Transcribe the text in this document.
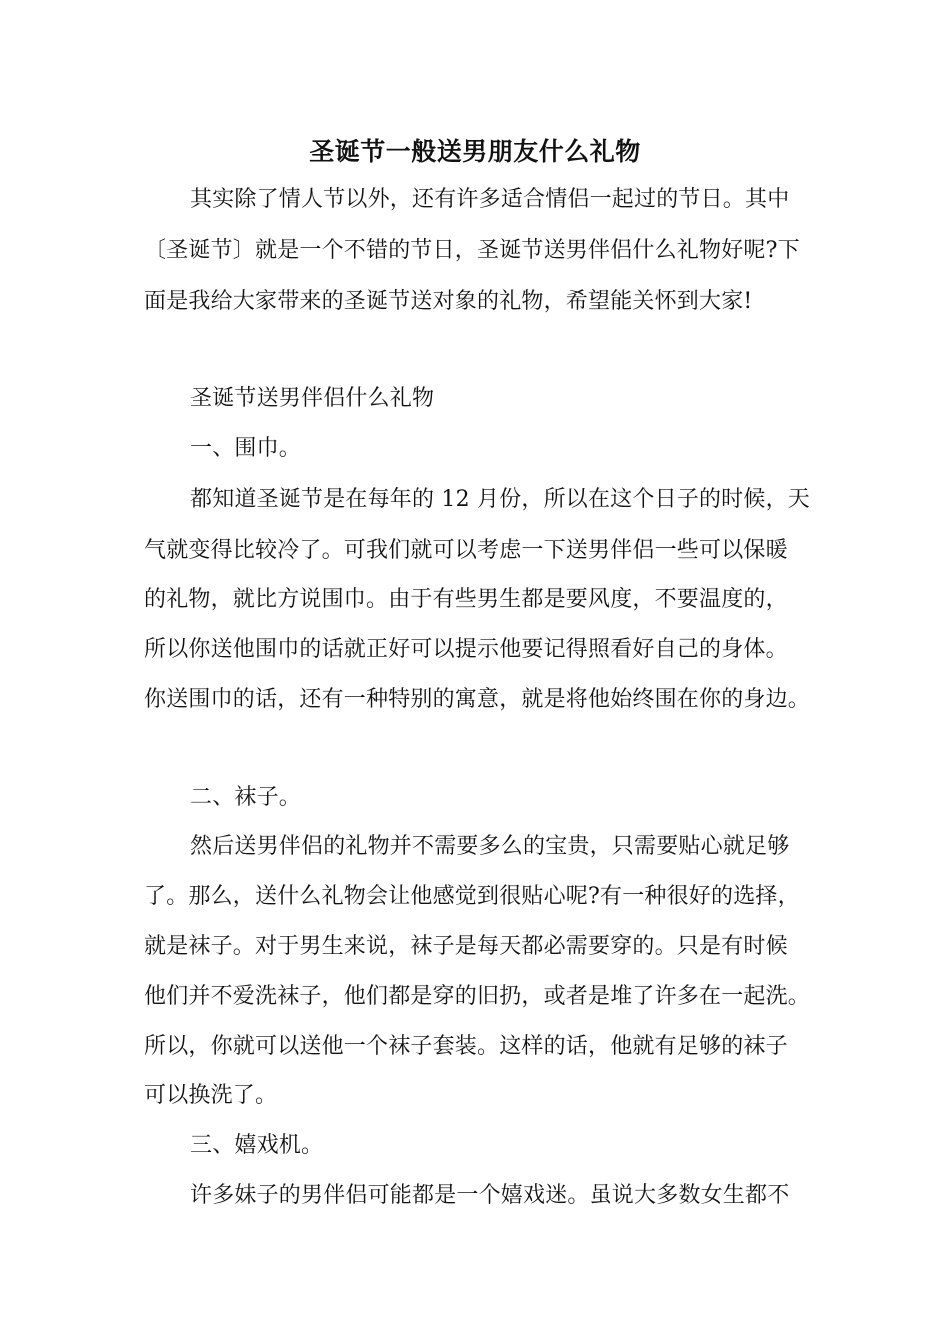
圣诞节一般送男朋友什么礼物
其实除了情人节以外，还有许多适合情侣一起过的节日。其中
〔圣诞节〕就是一个不错的节日，圣诞节送男伴侣什么礼物好呢?下
面是我给大家带来的圣诞节送对象的礼物，希望能关怀到大家!
圣诞节送男伴侣什么礼物
一、围巾。
都知道圣诞节是在每年的 12 月份，所以在这个日子的时候，天
气就变得比较冷了。可我们就可以考虑一下送男伴侣一些可以保暖
的礼物，就比方说围巾。由于有些男生都是要风度，不要温度的，
所以你送他围巾的话就正好可以提示他要记得照看好自己的身体。
你送围巾的话，还有一种特别的寓意，就是将他始终围在你的身边。
二、袜子。
然后送男伴侣的礼物并不需要多么的宝贵，只需要贴心就足够
了。那么，送什么礼物会让他感觉到很贴心呢?有一种很好的选择，
就是袜子。对于男生来说，袜子是每天都必需要穿的。只是有时候
他们并不爱洗袜子，他们都是穿的旧扔，或者是堆了许多在一起洗。
所以，你就可以送他一个袜子套装。这样的话，他就有足够的袜子
可以换洗了。
三、嬉戏机。
许多妹子的男伴侣可能都是一个嬉戏迷。虽说大多数女生都不
